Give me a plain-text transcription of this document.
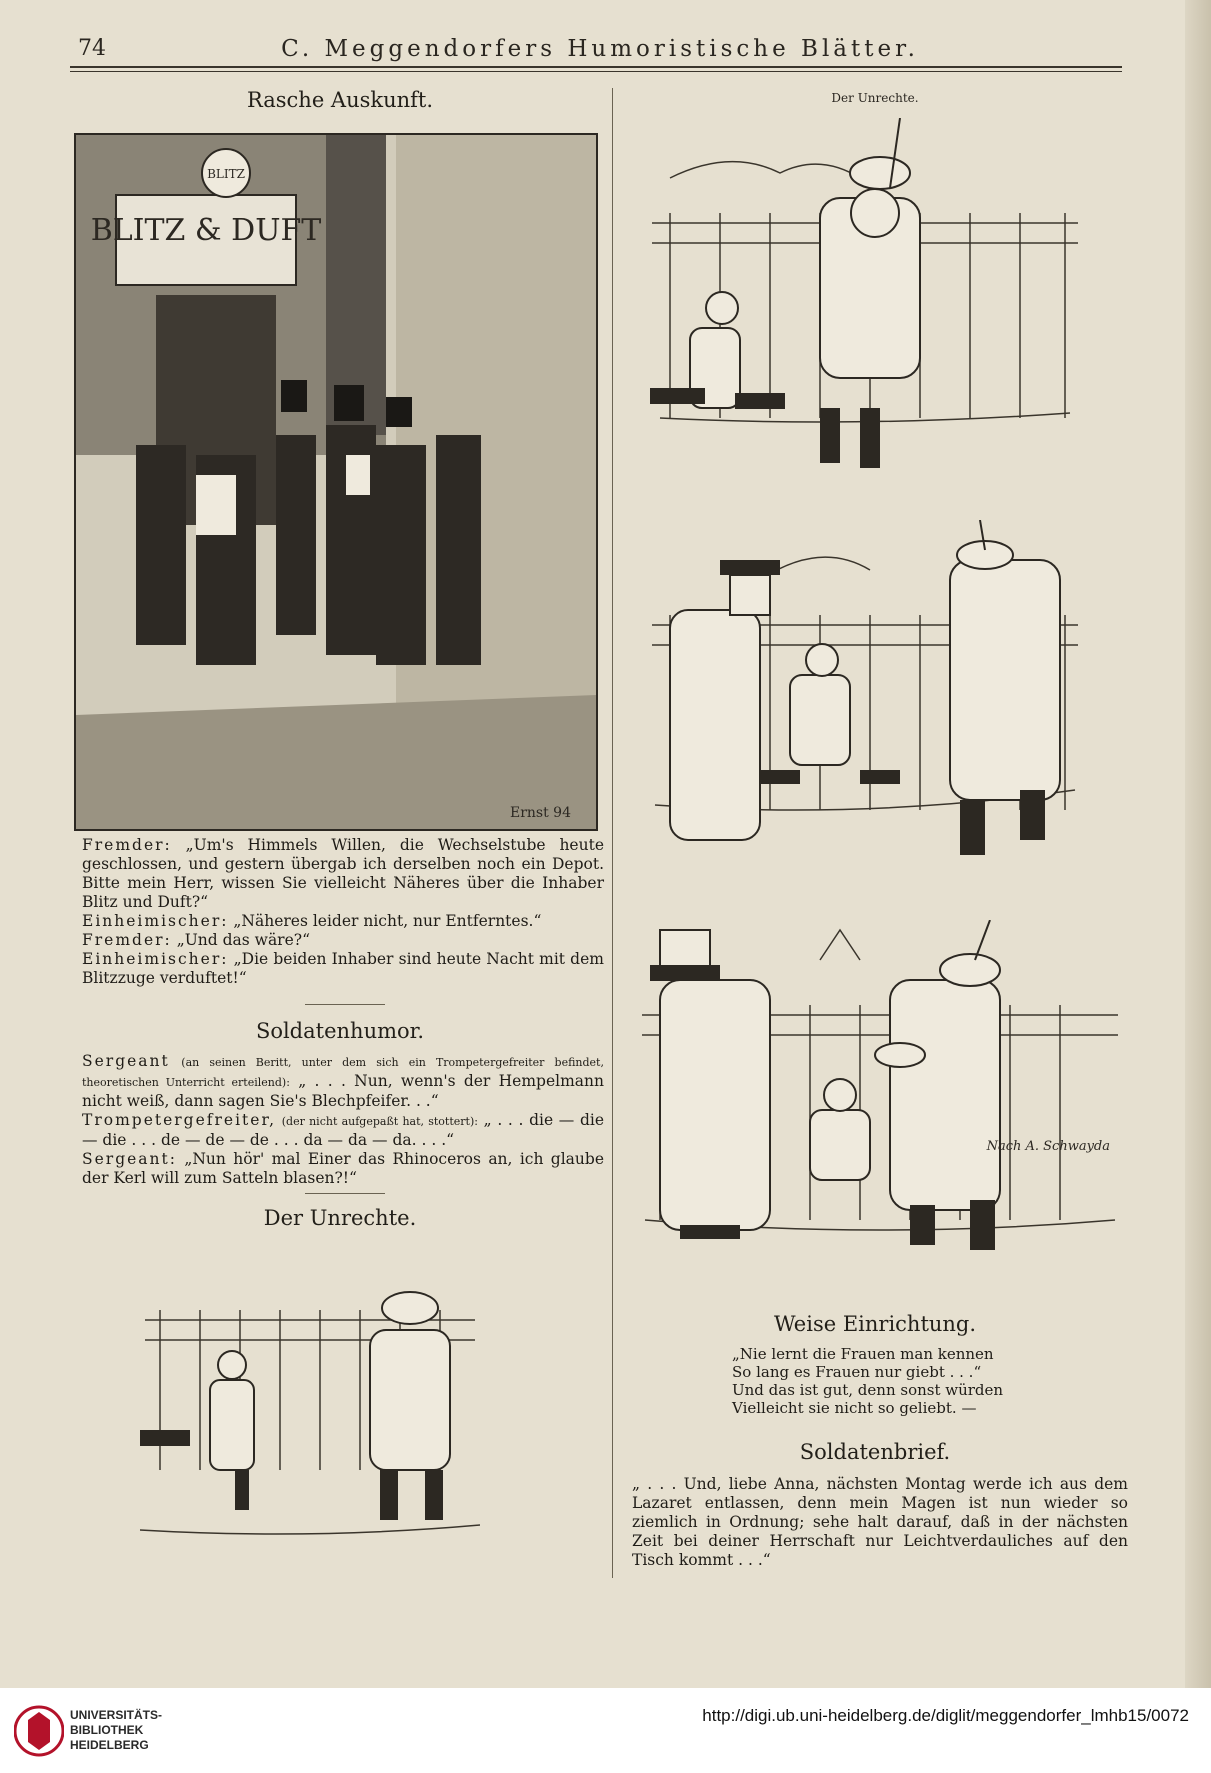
74	C. Meggendorfers Humoristische Blätter.
Rasche Auskunft.
BLITZ & DUFT
BLITZ
Ernst 94

Fremder: „Um's Himmels Willen, die Wechselstube heute geschlossen, und gestern übergab ich derselben noch ein Depot. Bitte mein Herr, wissen Sie vielleicht Näheres über die Inhaber Blitz und Duft?“

Einheimischer: „Näheres leider nicht, nur Entferntes.“

Fremder: „Und das wäre?“

Einheimischer: „Die beiden Inhaber sind heute Nacht mit dem Blitzzuge verduftet!“

Soldatenhumor.

Sergeant (an seinen Beritt, unter dem sich ein Trompetergefreiter befindet, theoretischen Unterricht erteilend): „ . . . Nun, wenn's der Hempelmann nicht weiß, dann sagen Sie's Blechpfeifer. . .“

Trompetergefreiter, (der nicht aufgepaßt hat, stottert): „ . . . die — die — die . . . de — de — de . . . da — da — da. . . .“

Sergeant: „Nun hör' mal Einer das Rhinoceros an, ich glaube der Kerl will zum Satteln blasen?!“

Der Unrechte.
Der Unrechte.
Nach A. Schwayda
Weise Einrichtung.
„Nie lernt die Frauen man kennen
So lang es Frauen nur giebt . . .“
Und das ist gut, denn sonst würden
Vielleicht sie nicht so geliebt. —
Soldatenbrief.
„ . . . Und, liebe Anna, nächsten Montag werde ich aus dem Lazaret entlassen, denn mein Magen ist nun wieder so ziemlich in Ordnung; sehe halt darauf, daß in der nächsten Zeit bei deiner Herrschaft nur Leichtverdauliches auf den Tisch kommt . . .“
UNIVERSITÄTS-
BIBLIOTHEK
HEIDELBERG
http://digi.ub.uni-heidelberg.de/diglit/meggendorfer_lmhb15/0072
